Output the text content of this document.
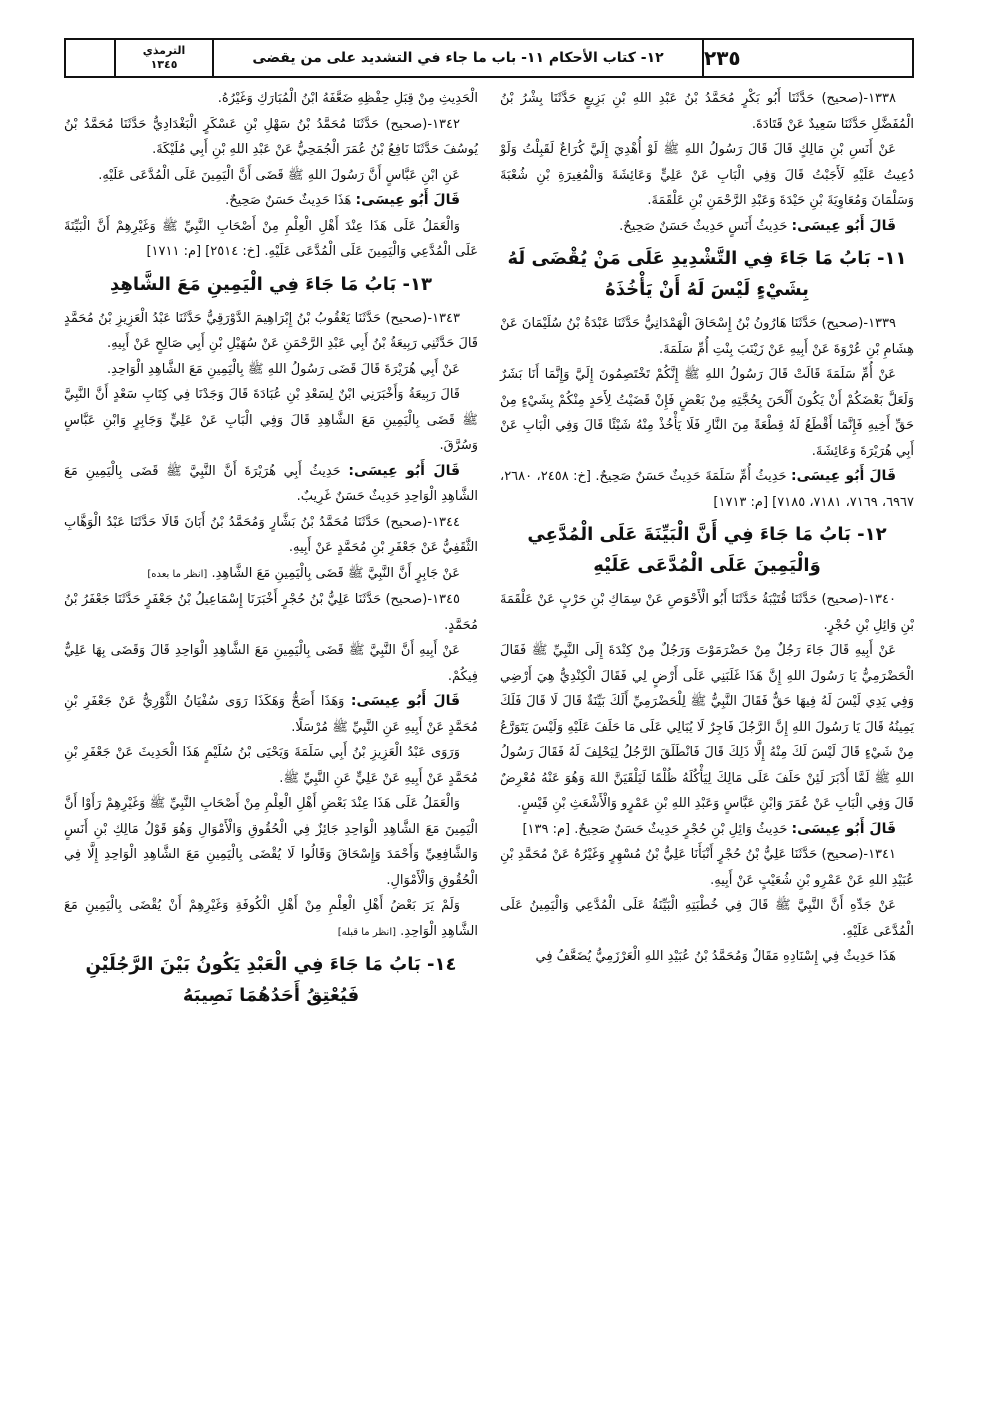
الترمذي
١٣٤٥	١٢- كتاب الأحكام ١١- باب ما جاء في التشديد على من يقضى	٢٣٥

١٣٣٨-(صحيح) حَدَّثَنَا أَبُو بَكْرٍ مُحَمَّدُ بْنُ عَبْدِ اللهِ بْنِ بَزِيعٍ حَدَّثَنَا بِشْرُ بْنُ الْمُفَضَّلِ حَدَّثَنَا سَعِيدٌ عَنْ قَتَادَةَ.

عَنْ أَنَسِ بْنِ مَالِكٍ قَالَ قَالَ رَسُولُ اللهِ ﷺ لَوْ أُهْدِيَ إِلَيَّ كُرَاعٌ لَقَبِلْتُ وَلَوْ دُعِيتُ عَلَيْهِ لَأَجَبْتُ قَالَ وَفِي الْبَابِ عَنْ عَلِيٍّ وَعَائِشَةَ وَالْمُغِيرَةِ بْنِ شُعْبَةَ وَسَلْمَانَ وَمُعَاوِيَةَ بْنِ حَيْدَةَ وَعَبْدِ الرَّحْمَنِ بْنِ عَلْقَمَةَ.

قَالَ أَبُو عِيسَى: حَدِيثُ أَنَسٍ حَدِيثٌ حَسَنٌ صَحِيحٌ.

١١- بَابُ مَا جَاءَ فِي التَّشْدِيدِ عَلَى مَنْ يُقْضَى لَهُ بِشَيْءٍ لَيْسَ لَهُ أَنْ يَأْخُذَهُ

١٣٣٩-(صحيح) حَدَّثَنَا هَارُونُ بْنُ إِسْحَاقَ الْهَمْدَانِيُّ حَدَّثَنَا عَبْدَةُ بْنُ سُلَيْمَانَ عَنْ هِشَامِ بْنِ عُرْوَةَ عَنْ أَبِيهِ عَنْ زَيْنَبَ بِنْتِ أُمِّ سَلَمَةَ.

عَنْ أُمِّ سَلَمَةَ قَالَتْ قَالَ رَسُولُ اللهِ ﷺ إِنَّكُمْ تَخْتَصِمُونَ إِلَيَّ وَإِنَّمَا أَنَا بَشَرٌ وَلَعَلَّ بَعْضَكُمْ أَنْ يَكُونَ أَلْحَنَ بِحُجَّتِهِ مِنْ بَعْضٍ فَإِنْ قَضَيْتُ لِأَحَدٍ مِنْكُمْ بِشَيْءٍ مِنْ حَقِّ أَخِيهِ فَإِنَّمَا أَقْطَعُ لَهُ قِطْعَةً مِنَ النَّارِ فَلَا يَأْخُذْ مِنْهُ شَيْئًا قَالَ وَفِي الْبَابِ عَنْ أَبِي هُرَيْرَةَ وَعَائِشَةَ.

قَالَ أَبُو عِيسَى: حَدِيثُ أُمِّ سَلَمَةَ حَدِيثٌ حَسَنٌ صَحِيحٌ. [خ: ٢٤٥٨، ٢٦٨٠، ٦٩٦٧، ٧١٦٩، ٧١٨١، ٧١٨٥] [م: ١٧١٣]

١٢- بَابُ مَا جَاءَ فِي أَنَّ الْبَيِّنَةَ عَلَى الْمُدَّعِي وَالْيَمِينَ عَلَى الْمُدَّعَى عَلَيْهِ

١٣٤٠-(صحيح) حَدَّثَنَا قُتَيْبَةُ حَدَّثَنَا أَبُو الْأَحْوَصِ عَنْ سِمَاكِ بْنِ حَرْبٍ عَنْ عَلْقَمَةَ بْنِ وَائِلِ بْنِ حُجْرٍ.

عَنْ أَبِيهِ قَالَ جَاءَ رَجُلٌ مِنْ حَضْرَمَوْتَ وَرَجُلٌ مِنْ كِنْدَةَ إِلَى النَّبِيِّ ﷺ فَقَالَ الْحَضْرَمِيُّ يَا رَسُولَ اللهِ إِنَّ هَذَا غَلَبَنِي عَلَى أَرْضٍ لِي فَقَالَ الْكِنْدِيُّ هِيَ أَرْضِي وَفِي يَدِي لَيْسَ لَهُ فِيهَا حَقٌّ فَقَالَ النَّبِيُّ ﷺ لِلْحَضْرَمِيِّ أَلَكَ بَيِّنَةٌ قَالَ لَا قَالَ فَلَكَ يَمِينُهُ قَالَ يَا رَسُولَ اللهِ إِنَّ الرَّجُلَ فَاجِرٌ لَا يُبَالِي عَلَى مَا حَلَفَ عَلَيْهِ وَلَيْسَ يَتَوَرَّعُ مِنْ شَيْءٍ قَالَ لَيْسَ لَكَ مِنْهُ إِلَّا ذَلِكَ قَالَ فَانْطَلَقَ الرَّجُلُ لِيَحْلِفَ لَهُ فَقَالَ رَسُولُ اللهِ ﷺ لَمَّا أَدْبَرَ لَئِنْ حَلَفَ عَلَى مَالِكَ لِيَأْكُلَهُ ظُلْمًا لَيَلْقَيَنَّ اللهَ وَهُوَ عَنْهُ مُعْرِضٌ قَالَ وَفِي الْبَابِ عَنْ عُمَرَ وَابْنِ عَبَّاسٍ وَعَبْدِ اللهِ بْنِ عَمْرٍو وَالْأَشْعَثِ بْنِ قَيْسٍ.

قَالَ أَبُو عِيسَى: حَدِيثُ وَائِلِ بْنِ حُجْرٍ حَدِيثٌ حَسَنٌ صَحِيحٌ. [م: ١٣٩]

١٣٤١-(صحيح) حَدَّثَنَا عَلِيُّ بْنُ حُجْرٍ أَنْبَأَنَا عَلِيُّ بْنُ مُسْهِرٍ وَغَيْرُهُ عَنْ مُحَمَّدِ بْنِ عُبَيْدِ اللهِ عَنْ عَمْرِو بْنِ شُعَيْبٍ عَنْ أَبِيهِ.

عَنْ جَدِّهِ أَنَّ النَّبِيَّ ﷺ قَالَ فِي خُطْبَتِهِ الْبَيِّنَةُ عَلَى الْمُدَّعِي وَالْيَمِينُ عَلَى الْمُدَّعَى عَلَيْهِ.

هَذَا حَدِيثٌ فِي إِسْنَادِهِ مَقَالٌ وَمُحَمَّدُ بْنُ عُبَيْدِ اللهِ الْعَرْزَمِيُّ يُضَعَّفُ فِي

الْحَدِيثِ مِنْ قِبَلِ حِفْظِهِ ضَعَّفَهُ ابْنُ الْمُبَارَكِ وَغَيْرُهُ.

١٣٤٢-(صحيح) حَدَّثَنَا مُحَمَّدُ بْنُ سَهْلِ بْنِ عَسْكَرٍ الْبَغْدَادِيُّ حَدَّثَنَا مُحَمَّدُ بْنُ يُوسُفَ حَدَّثَنَا نَافِعُ بْنُ عُمَرَ الْجُمَحِيُّ عَنْ عَبْدِ اللهِ بْنِ أَبِي مُلَيْكَةَ.

عَنِ ابْنِ عَبَّاسٍ أَنَّ رَسُولَ اللهِ ﷺ قَضَى أَنَّ الْيَمِينَ عَلَى الْمُدَّعَى عَلَيْهِ.

قَالَ أَبُو عِيسَى: هَذَا حَدِيثٌ حَسَنٌ صَحِيحٌ.

وَالْعَمَلُ عَلَى هَذَا عِنْدَ أَهْلِ الْعِلْمِ مِنْ أَصْحَابِ النَّبِيِّ ﷺ وَغَيْرِهِمْ أَنَّ الْبَيِّنَةَ عَلَى الْمُدَّعِي وَالْيَمِينَ عَلَى الْمُدَّعَى عَلَيْهِ. [خ: ٢٥١٤] [م: ١٧١١]

١٣- بَابُ مَا جَاءَ فِي الْيَمِينِ مَعَ الشَّاهِدِ

١٣٤٣-(صحيح) حَدَّثَنَا يَعْقُوبُ بْنُ إِبْرَاهِيمَ الدَّوْرَقِيُّ حَدَّثَنَا عَبْدُ الْعَزِيزِ بْنُ مُحَمَّدٍ قَالَ حَدَّثَنِي رَبِيعَةُ بْنُ أَبِي عَبْدِ الرَّحْمَنِ عَنْ سُهَيْلِ بْنِ أَبِي صَالِحٍ عَنْ أَبِيهِ.

عَنْ أَبِي هُرَيْرَةَ قَالَ قَضَى رَسُولُ اللهِ ﷺ بِالْيَمِينِ مَعَ الشَّاهِدِ الْوَاحِدِ.

قَالَ رَبِيعَةُ وَأَخْبَرَنِي ابْنٌ لِسَعْدِ بْنِ عُبَادَةَ قَالَ وَجَدْنَا فِي كِتَابِ سَعْدٍ أَنَّ النَّبِيَّ ﷺ قَضَى بِالْيَمِينِ مَعَ الشَّاهِدِ قَالَ وَفِي الْبَابِ عَنْ عَلِيٍّ وَجَابِرٍ وَابْنِ عَبَّاسٍ وَسُرَّقَ.

قَالَ أَبُو عِيسَى: حَدِيثُ أَبِي هُرَيْرَةَ أَنَّ النَّبِيَّ ﷺ قَضَى بِالْيَمِينِ مَعَ الشَّاهِدِ الْوَاحِدِ حَدِيثٌ حَسَنٌ غَرِيبٌ.

١٣٤٤-(صحيح) حَدَّثَنَا مُحَمَّدُ بْنُ بَشَّارٍ وَمُحَمَّدُ بْنُ أَبَانَ قَالَا حَدَّثَنَا عَبْدُ الْوَهَّابِ الثَّقَفِيُّ عَنْ جَعْفَرِ بْنِ مُحَمَّدٍ عَنْ أَبِيهِ.

عَنْ جَابِرٍ أَنَّ النَّبِيَّ ﷺ قَضَى بِالْيَمِينِ مَعَ الشَّاهِدِ. [انظر ما بعده]

١٣٤٥-(صحيح) حَدَّثَنَا عَلِيُّ بْنُ حُجْرٍ أَخْبَرَنَا إِسْمَاعِيلُ بْنُ جَعْفَرٍ حَدَّثَنَا جَعْفَرُ بْنُ مُحَمَّدٍ.

عَنْ أَبِيهِ أَنَّ النَّبِيَّ ﷺ قَضَى بِالْيَمِينِ مَعَ الشَّاهِدِ الْوَاحِدِ قَالَ وَقَضَى بِهَا عَلِيٌّ فِيكُمْ.

قَالَ أَبُو عِيسَى: وَهَذَا أَصَحُّ وَهَكَذَا رَوَى سُفْيَانُ الثَّوْرِيُّ عَنْ جَعْفَرِ بْنِ مُحَمَّدٍ عَنْ أَبِيهِ عَنِ النَّبِيِّ ﷺ مُرْسَلًا.

وَرَوَى عَبْدُ الْعَزِيزِ بْنُ أَبِي سَلَمَةَ وَيَحْيَى بْنُ سُلَيْمٍ هَذَا الْحَدِيثَ عَنْ جَعْفَرِ بْنِ مُحَمَّدٍ عَنْ أَبِيهِ عَنْ عَلِيٍّ عَنِ النَّبِيِّ ﷺ.

وَالْعَمَلُ عَلَى هَذَا عِنْدَ بَعْضِ أَهْلِ الْعِلْمِ مِنْ أَصْحَابِ النَّبِيِّ ﷺ وَغَيْرِهِمْ رَأَوْا أَنَّ الْيَمِينَ مَعَ الشَّاهِدِ الْوَاحِدِ جَائِزٌ فِي الْحُقُوقِ وَالْأَمْوَالِ وَهُوَ قَوْلُ مَالِكِ بْنِ أَنَسٍ وَالشَّافِعِيِّ وَأَحْمَدَ وَإِسْحَاقَ وَقَالُوا لَا يُقْضَى بِالْيَمِينِ مَعَ الشَّاهِدِ الْوَاحِدِ إِلَّا فِي الْحُقُوقِ وَالْأَمْوَالِ.

وَلَمْ يَرَ بَعْضُ أَهْلِ الْعِلْمِ مِنْ أَهْلِ الْكُوفَةِ وَغَيْرِهِمْ أَنْ يُقْضَى بِالْيَمِينِ مَعَ الشَّاهِدِ الْوَاحِدِ. [انظر ما قبله]

١٤- بَابُ مَا جَاءَ فِي الْعَبْدِ يَكُونُ بَيْنَ الرَّجُلَيْنِ فَيُعْتِقُ أَحَدُهُمَا نَصِيبَهُ
